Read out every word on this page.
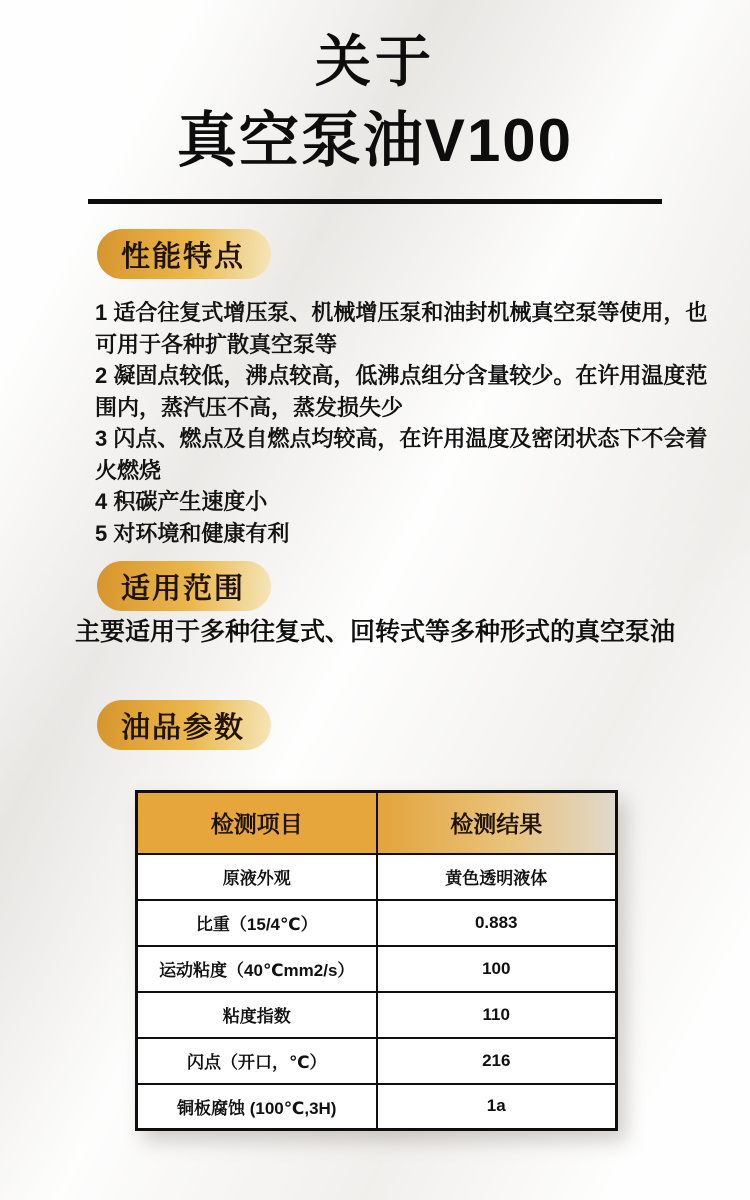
关于
真空泵油V100
性能特点

1 适合往复式增压泵、机械增压泵和油封机械真空泵等使用，也可用于各种扩散真空泵等

2 凝固点较低，沸点较高，低沸点组分含量较少。在许用温度范围内，蒸汽压不高，蒸发损失少

3 闪点、燃点及自燃点均较高，在许用温度及密闭状态下不会着火燃烧

4 积碳产生速度小

5 对环境和健康有利

适用范围
主要适用于多种往复式、回转式等多种形式的真空泵油
油品参数
检测项目	检测结果
原液外观	黄色透明液体
比重（15/4℃）	0.883
运动粘度（40℃mm2/s）	100
粘度指数	110
闪点（开口，℃）	216
铜板腐蚀 (100℃,3H)	1a
